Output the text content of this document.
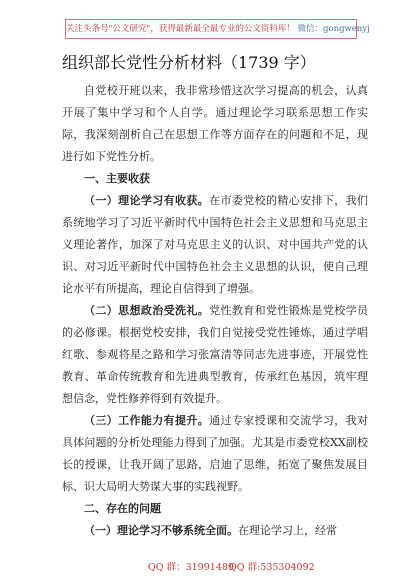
关注头条号"公文研究"，获得最新最全最专业的公文资料库！ 微信：gongwenyj
组织部长党性分析材料（1739 字）

自党校开班以来，我非常珍惜这次学习提高的机会，认真开展了集中学习和个人自学。通过理论学习联系思想工作实际，我深刻剖析自己在思想工作等方面存在的问题和不足，现进行如下党性分析。

一、主要收获

（一）理论学习有收获。在市委党校的精心安排下，我们系统地学习了习近平新时代中国特色社会主义思想和马克思主义理论著作，加深了对马克思主义的认识、对中国共产党的认识、对习近平新时代中国特色社会主义思想的认识，使自己理论水平有所提高，理论自信得到了增强。

（二）思想政治受洗礼。党性教育和党性锻炼是党校学员的必修课。根据党校安排，我们自觉接受党性锤炼，通过学唱红歌、参观将星之路和学习张富清等同志先进事迹，开展党性教育、革命传统教育和先进典型教育，传承红色基因，筑牢理想信念，党性修养得到有效提升。

（三）工作能力有提升。通过专家授课和交流学习，我对具体问题的分析处理能力得到了加强。尤其是市委党校XX副校长的授课，让我开阔了思路，启迪了思维，拓宽了聚焦发展目标、识大局明大势谋大事的实践视野。

二、存在的问题

（一）理论学习不够系统全面。在理论学习上，经常

QQ 群：31991489
QQ 群:535304092
